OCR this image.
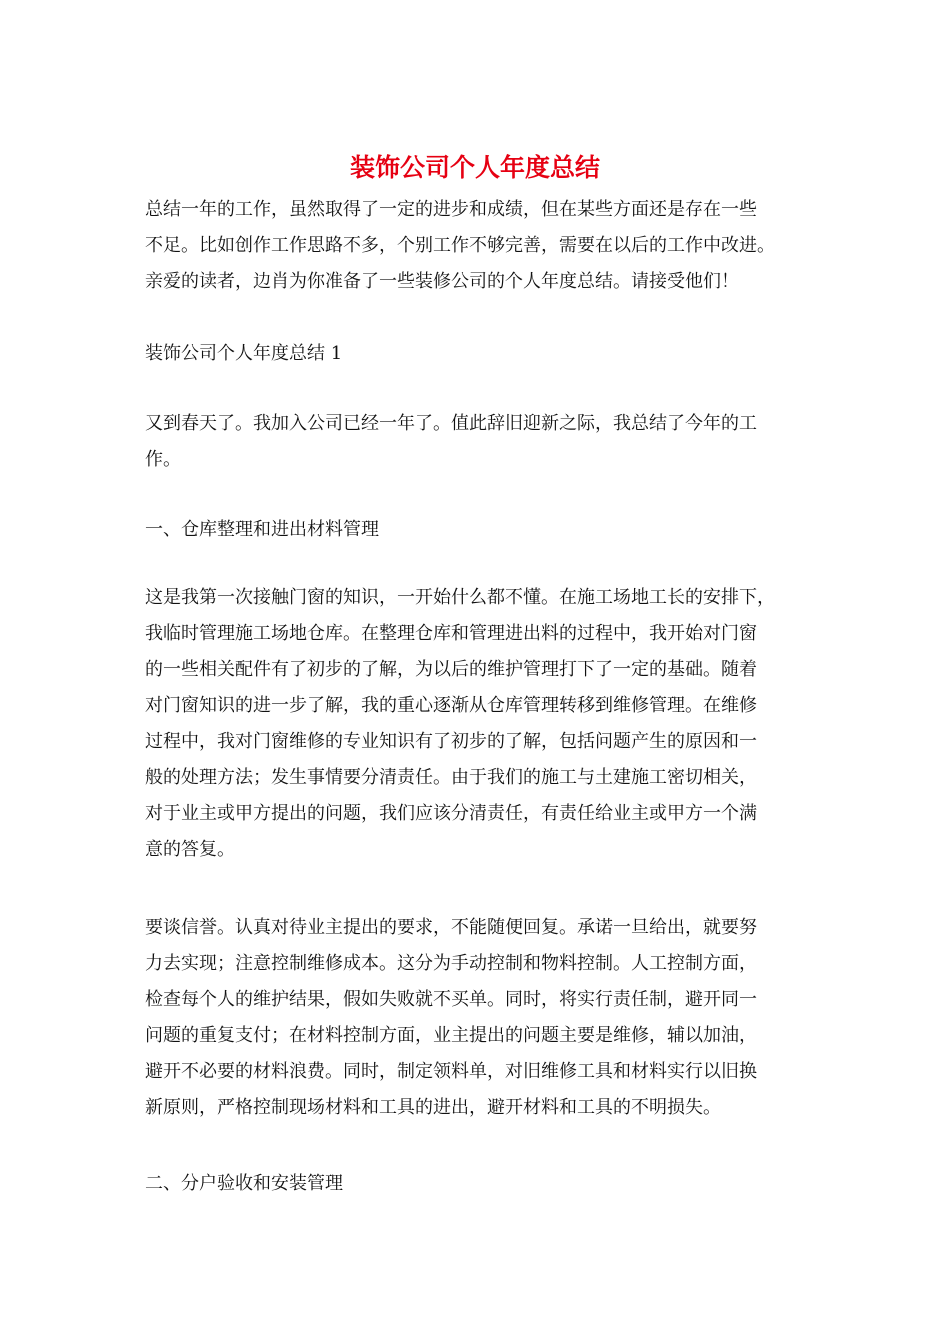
装饰公司个人年度总结
总结一年的工作，虽然取得了一定的进步和成绩，但在某些方面还是存在一些
不足。比如创作工作思路不多，个别工作不够完善，需要在以后的工作中改进。
亲爱的读者，边肖为你准备了一些装修公司的个人年度总结。请接受他们！
装饰公司个人年度总结 1
又到春天了。我加入公司已经一年了。值此辞旧迎新之际，我总结了今年的工
作。
一、仓库整理和进出材料管理
这是我第一次接触门窗的知识，一开始什么都不懂。在施工场地工长的安排下，
我临时管理施工场地仓库。在整理仓库和管理进出料的过程中，我开始对门窗
的一些相关配件有了初步的了解，为以后的维护管理打下了一定的基础。随着
对门窗知识的进一步了解，我的重心逐渐从仓库管理转移到维修管理。在维修
过程中，我对门窗维修的专业知识有了初步的了解，包括问题产生的原因和一
般的处理方法；发生事情要分清责任。由于我们的施工与土建施工密切相关，
对于业主或甲方提出的问题，我们应该分清责任，有责任给业主或甲方一个满
意的答复。
要谈信誉。认真对待业主提出的要求，不能随便回复。承诺一旦给出，就要努
力去实现；注意控制维修成本。这分为手动控制和物料控制。人工控制方面，
检查每个人的维护结果，假如失败就不买单。同时，将实行责任制，避开同一
问题的重复支付；在材料控制方面，业主提出的问题主要是维修，辅以加油，
避开不必要的材料浪费。同时，制定领料单，对旧维修工具和材料实行以旧换
新原则，严格控制现场材料和工具的进出，避开材料和工具的不明损失。
二、分户验收和安装管理
